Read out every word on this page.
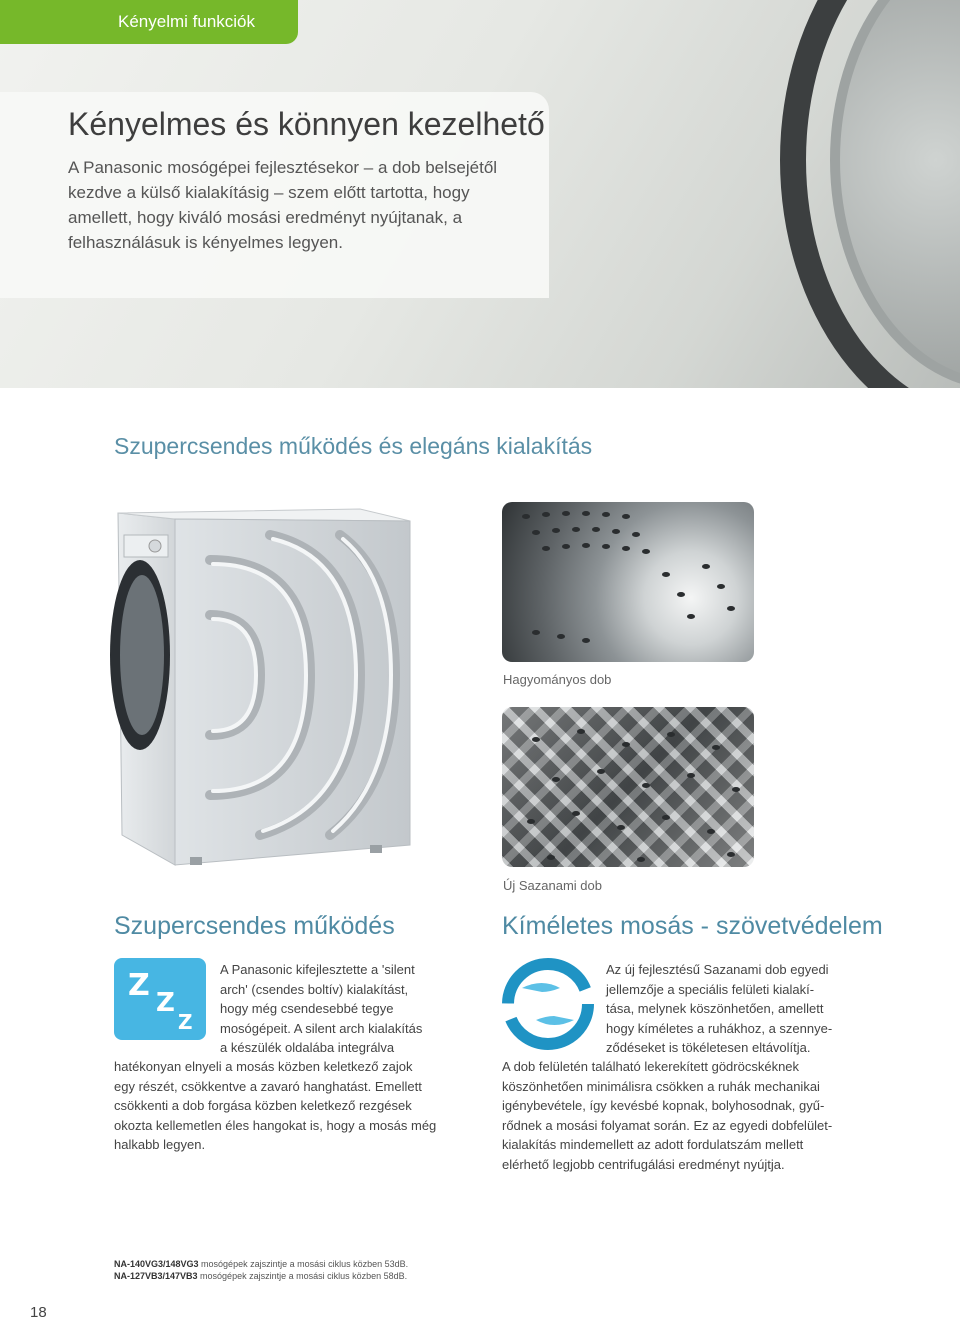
Kényelmi funkciók
Kényelmes és könnyen kezelhető
A Panasonic mosógépei fejlesztésekor – a dob belsejétől kezdve a külső kialakításig – szem előtt tartotta, hogy amellett, hogy kiváló mosási eredményt nyújtanak, a felhasználásuk is kényelmes legyen.
Szupercsendes működés és elegáns kialakítás
Hagyományos dob
Új Sazanami dob
Szupercsendes működés
Z Z
Z
A Panasonic kifejlesztette a 'silent
arch' (csendes boltív) kialakítást,
hogy még csendesebbé tegye
mosógépeit. A silent arch kialakítás
a készülék oldalába integrálva
hatékonyan elnyeli a mosás közben keletkező zajok
egy részét, csökkentve a zavaró hanghatást. Emellett
csökkenti a dob forgása közben keletkező rezgések
okozta kellemetlen éles hangokat is, hogy a mosás még
halkabb legyen.
Kíméletes mosás - szövetvédelem
Az új fejlesztésű Sazanami dob egyedi
jellemzője a speciális felületi kialakí-
tása, melynek köszönhetően, amellett
hogy kíméletes a ruhákhoz, a szennye-
ződéseket is tökéletesen eltávolítja.
A dob felületén található lekerekített gödröcskéknek
köszönhetően minimálisra csökken a ruhák mechanikai
igénybevétele, így kevésbé kopnak, bolyhosodnak, gyű-
rődnek a mosási folyamat során. Ez az egyedi dobfelület-
kialakítás mindemellett az adott fordulatszám mellett
elérhető legjobb centrifugálási eredményt nyújtja.
NA-140VG3/148VG3 mosógépek zajszintje a mosási ciklus közben 53dB.
NA-127VB3/147VB3 mosógépek zajszintje a mosási ciklus közben 58dB.
18
